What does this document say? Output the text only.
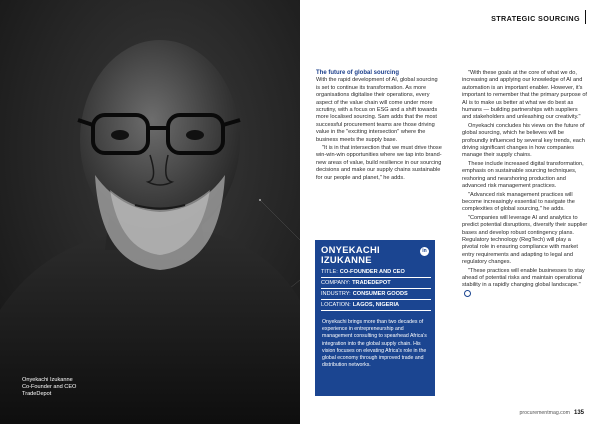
Onyekachi Izukanne
Co-Founder and CEO
TradeDepot
STRATEGIC SOURCING
The future of global sourcing

With the rapid development of AI, global sourcing is set to continue its transformation. As more organisations digitalise their operations, every aspect of the value chain will come under more scrutiny, with a focus on ESG and a shift towards more localised sourcing. Sam adds that the most successful procurement teams are those driving value in the "exciting intersection" where the business meets the supply base.

"It is in that intersection that we must drive those win-win-win opportunities where we tap into brand-new areas of value, build resilience in our sourcing decisions and make our supply chains sustainable for our people and planet," he adds.

"With these goals at the core of what we do, increasing and applying our knowledge of AI and automation is an important enabler. However, it's important to remember that the primary purpose of AI is to make us better at what we do best as humans — building partnerships with suppliers and stakeholders and unleashing our creativity."

Onyekachi concludes his views on the future of global sourcing, which he believes will be profoundly influenced by several key trends, each driving significant changes in how companies manage their supply chains.

These include increased digital transformation, emphasis on sustainable sourcing techniques, reshoring and nearshoring production and advanced risk management practices.

"Advanced risk management practices will become increasingly essential to navigate the complexities of global sourcing," he adds.

"Companies will leverage AI and analytics to predict potential disruptions, diversify their supplier bases and develop robust contingency plans. Regulatory technology (RegTech) will play a pivotal role in ensuring compliance with market entry requirements and adapting to legal and regulatory changes.

"These practices will enable businesses to stay ahead of potential risks and maintain operational stability in a rapidly changing global landscape."

ONYEKACHI
IZUKANNE
in
TITLE: CO-FOUNDER AND CEO
COMPANY: TRADEDEPOT
INDUSTRY: CONSUMER GOODS
LOCATION: LAGOS, NIGERIA
Onyekachi brings more than two decades of experience in entrepreneurship and management consulting to spearhead Africa's integration into the global supply chain. His vision focuses on elevating Africa's role in the global economy through improved trade and distribution networks.
procurementmag.com 135
